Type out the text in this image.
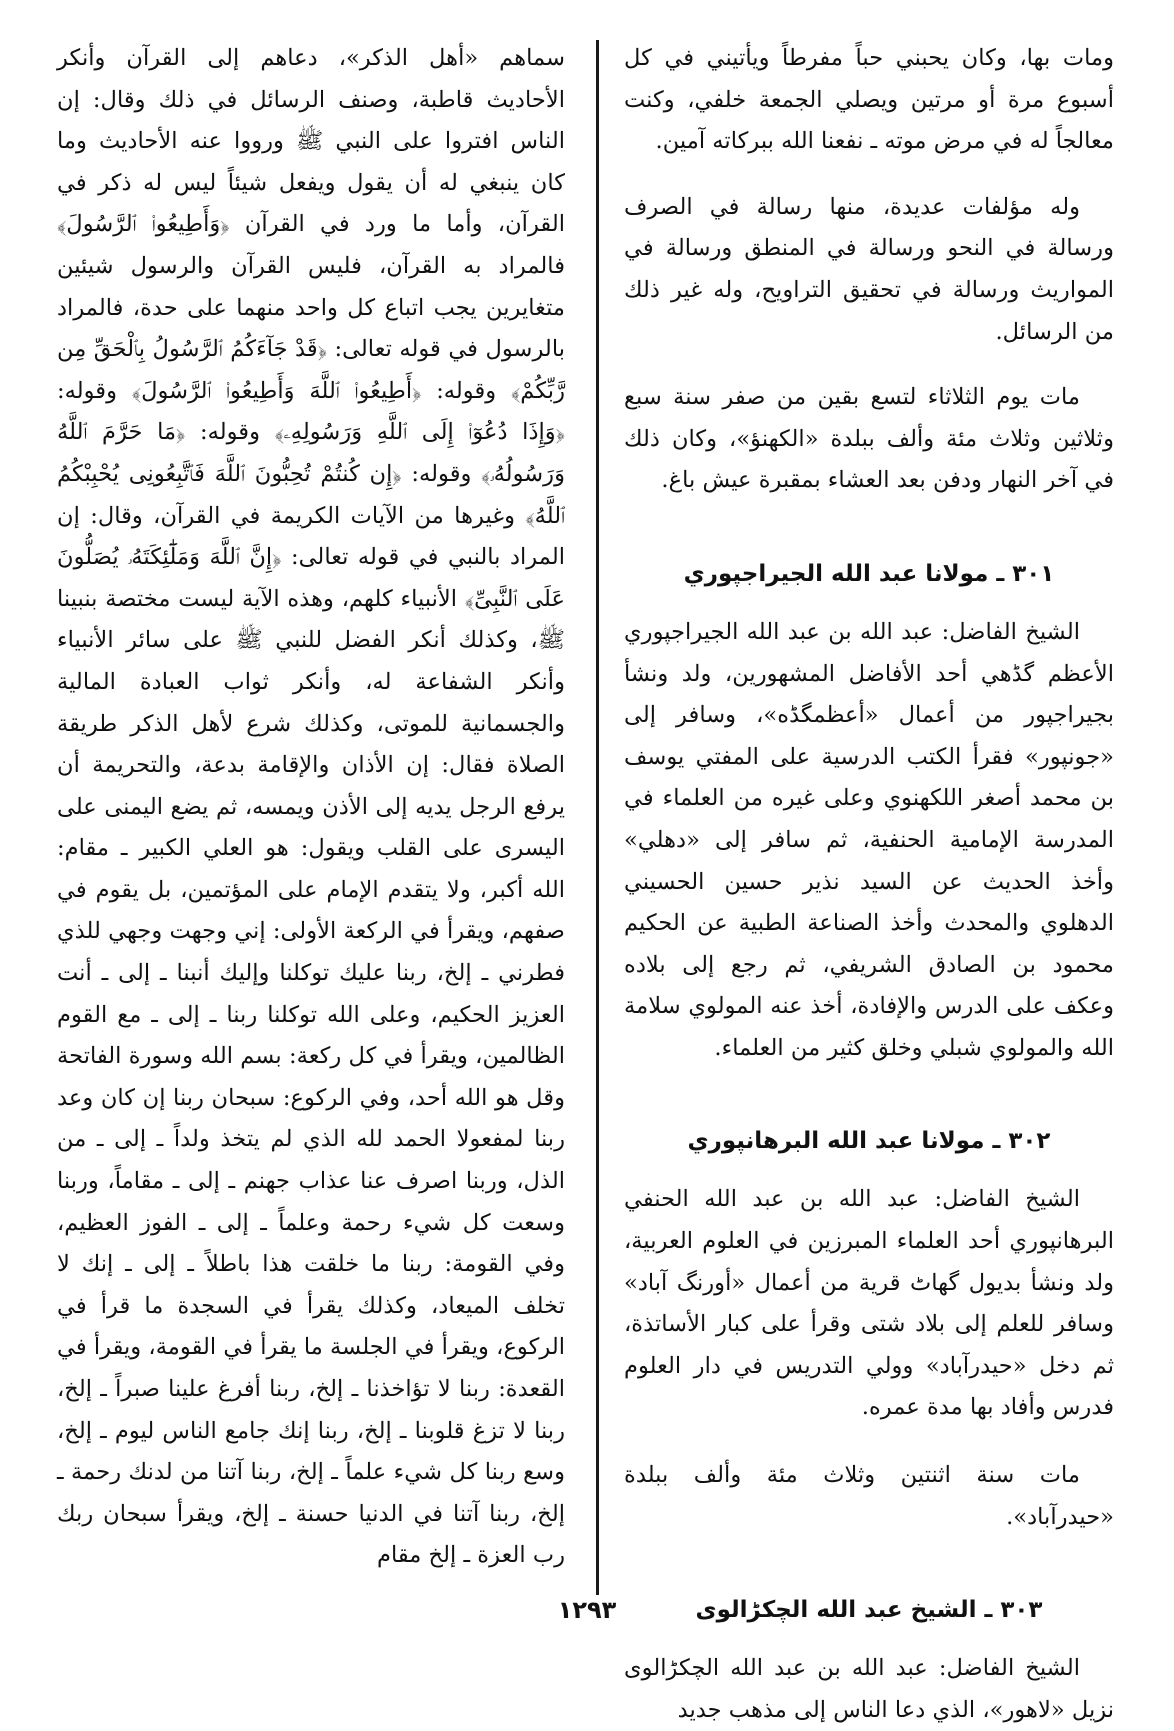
ومات بها، وكان يحبني حباً مفرطاً ويأتيني في كل أسبوع مرة أو مرتين ويصلي الجمعة خلفي، وكنت معالجاً له في مرض موته ـ نفعنا الله ببركاته آمين.

وله مؤلفات عديدة، منها رسالة في الصرف ورسالة في النحو ورسالة في المنطق ورسالة في المواريث ورسالة في تحقيق التراويح، وله غير ذلك من الرسائل.

مات يوم الثلاثاء لتسع بقين من صفر سنة سبع وثلاثين وثلاث مئة وألف ببلدة «الكهنؤ»، وكان ذلك في آخر النهار ودفن بعد العشاء بمقبرة عيش باغ.

٣٠١ ـ مولانا عبد الله الجيراجپوري

الشيخ الفاضل: عبد الله بن عبد الله الجيراجپوري الأعظم گڈهي أحد الأفاضل المشهورين، ولد ونشأ بجيراجپور من أعمال «أعظمگڈه»، وسافر إلى «جونپور» فقرأ الكتب الدرسية على المفتي يوسف بن محمد أصغر اللكهنوي وعلى غيره من العلماء في المدرسة الإمامية الحنفية، ثم سافر إلى «دهلي» وأخذ الحديث عن السيد نذير حسين الحسيني الدهلوي والمحدث وأخذ الصناعة الطبية عن الحكيم محمود بن الصادق الشريفي، ثم رجع إلى بلاده وعكف على الدرس والإفادة، أخذ عنه المولوي سلامة الله والمولوي شبلي وخلق كثير من العلماء.

٣٠٢ ـ مولانا عبد الله البرهانپوري

الشيخ الفاضل: عبد الله بن عبد الله الحنفي البرهانپوري أحد العلماء المبرزين في العلوم العربية، ولد ونشأ بديول گهاٹ قرية من أعمال «أورنگ آباد» وسافر للعلم إلى بلاد شتى وقرأ على كبار الأساتذة، ثم دخل «حيدرآباد» وولي التدريس في دار العلوم فدرس وأفاد بها مدة عمره.

مات سنة اثنتين وثلاث مئة وألف ببلدة «حيدرآباد».

٣٠٣ ـ الشيخ عبد الله الچکڑالوی

الشيخ الفاضل: عبد الله بن عبد الله الچکڑالوی نزيل «لاهور»، الذي دعا الناس إلى مذهب جديد

سماهم «أهل الذكر»، دعاهم إلى القرآن وأنكر الأحاديث قاطبة، وصنف الرسائل في ذلك وقال: إن الناس افتروا على النبي ﷺ ورووا عنه الأحاديث وما كان ينبغي له أن يقول ويفعل شيئاً ليس له ذكر في القرآن، وأما ما ورد في القرآن ﴿وَأَطِيعُوا۟ ٱلرَّسُولَ﴾ فالمراد به القرآن، فليس القرآن والرسول شيئين متغايرين يجب اتباع كل واحد منهما على حدة، فالمراد بالرسول في قوله تعالى: ﴿قَدْ جَآءَكُمُ ٱلرَّسُولُ بِٱلْحَقِّ مِن رَّبِّكُمْ﴾ وقوله: ﴿أَطِيعُوا۟ ٱللَّهَ وَأَطِيعُوا۟ ٱلرَّسُولَ﴾ وقوله: ﴿وَإِذَا دُعُوٓا۟ إِلَى ٱللَّهِ وَرَسُولِهِۦ﴾ وقوله: ﴿مَا حَرَّمَ ٱللَّهُ وَرَسُولُهُۥ﴾ وقوله: ﴿إِن كُنتُمْ تُحِبُّونَ ٱللَّهَ فَٱتَّبِعُونِى يُحْبِبْكُمُ ٱللَّهُ﴾ وغيرها من الآيات الكريمة في القرآن، وقال: إن المراد بالنبي في قوله تعالى: ﴿إِنَّ ٱللَّهَ وَمَلَٰٓئِكَتَهُۥ يُصَلُّونَ عَلَى ٱلنَّبِىِّ﴾ الأنبياء كلهم، وهذه الآية ليست مختصة بنبينا ﷺ، وكذلك أنكر الفضل للنبي ﷺ على سائر الأنبياء وأنكر الشفاعة له، وأنكر ثواب العبادة المالية والجسمانية للموتى، وكذلك شرع لأهل الذكر طريقة الصلاة فقال: إن الأذان والإقامة بدعة، والتحريمة أن يرفع الرجل يديه إلى الأذن ويمسه، ثم يضع اليمنى على اليسرى على القلب ويقول: هو العلي الكبير ـ مقام: الله أكبر، ولا يتقدم الإمام على المؤتمين، بل يقوم في صفهم، ويقرأ في الركعة الأولى: إني وجهت وجهي للذي فطرني ـ إلخ، ربنا عليك توكلنا وإليك أنبنا ـ إلى ـ أنت العزيز الحكيم، وعلى الله توكلنا ربنا ـ إلى ـ مع القوم الظالمين، ويقرأ في كل ركعة: بسم الله وسورة الفاتحة وقل هو الله أحد، وفي الركوع: سبحان ربنا إن كان وعد ربنا لمفعولا الحمد لله الذي لم يتخذ ولداً ـ إلى ـ من الذل، وربنا اصرف عنا عذاب جهنم ـ إلى ـ مقاماً، وربنا وسعت كل شيء رحمة وعلماً ـ إلى ـ الفوز العظيم، وفي القومة: ربنا ما خلقت هذا باطلاً ـ إلى ـ إنك لا تخلف الميعاد، وكذلك يقرأ في السجدة ما قرأ في الركوع، ويقرأ في الجلسة ما يقرأ في القومة، ويقرأ في القعدة: ربنا لا تؤاخذنا ـ إلخ، ربنا أفرغ علينا صبراً ـ إلخ، ربنا لا تزغ قلوبنا ـ إلخ، ربنا إنك جامع الناس ليوم ـ إلخ، وسع ربنا كل شيء علماً ـ إلخ، ربنا آتنا من لدنك رحمة ـ إلخ، ربنا آتنا في الدنيا حسنة ـ إلخ، ويقرأ سبحان ربك رب العزة ـ إلخ مقام

١٢٩٣
